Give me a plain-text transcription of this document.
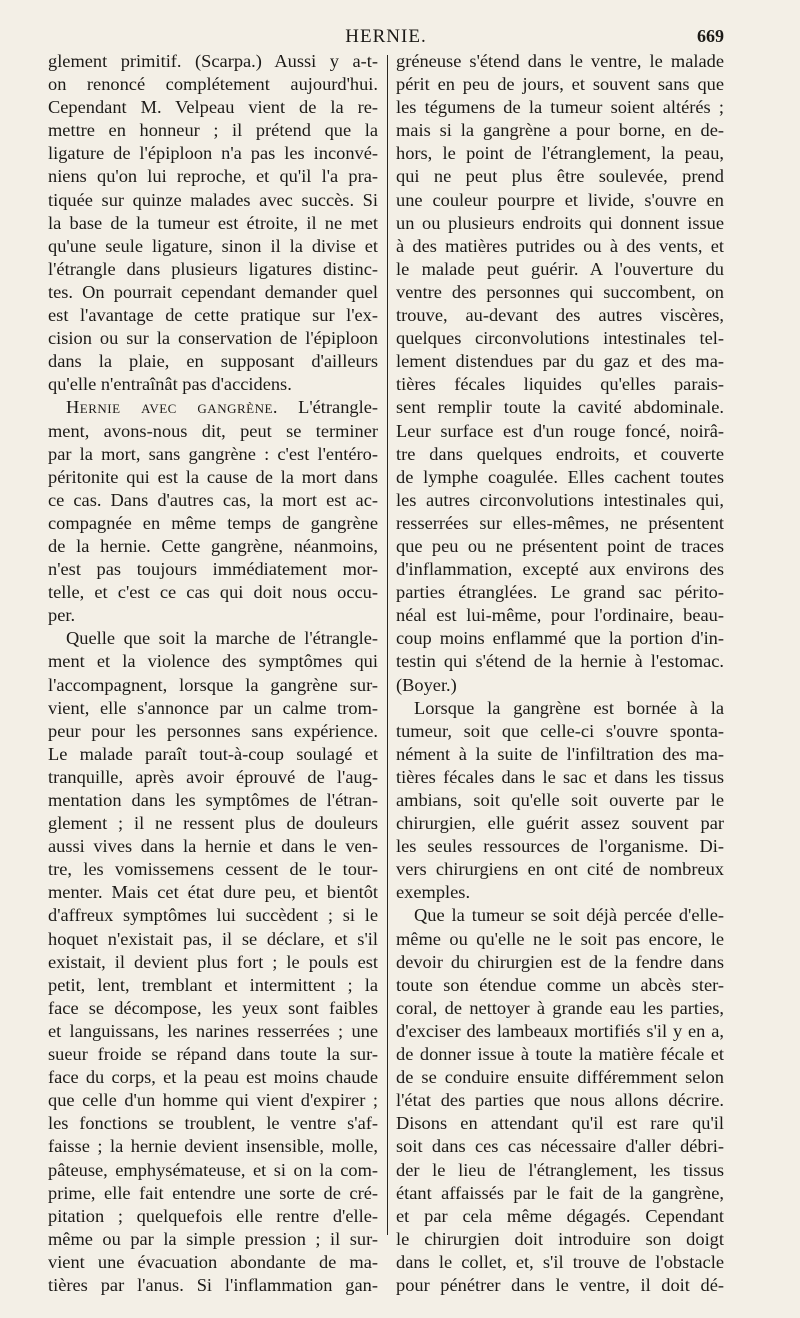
HERNIE.	669
glement primitif. (Scarpa.) Aussi y a-t-
on renoncé complétement aujourd'hui.
Cependant M. Velpeau vient de la re-
mettre en honneur ; il prétend que la
ligature de l'épiploon n'a pas les inconvé-
niens qu'on lui reproche, et qu'il l'a pra-
tiquée sur quinze malades avec succès. Si
la base de la tumeur est étroite, il ne met
qu'une seule ligature, sinon il la divise et
l'étrangle dans plusieurs ligatures distinc-
tes. On pourrait cependant demander quel
est l'avantage de cette pratique sur l'ex-
cision ou sur la conservation de l'épiploon
dans la plaie, en supposant d'ailleurs
qu'elle n'entraînât pas d'accidens.
Hernie avec gangrène. L'étrangle-
ment, avons-nous dit, peut se terminer
par la mort, sans gangrène : c'est l'entéro-
péritonite qui est la cause de la mort dans
ce cas. Dans d'autres cas, la mort est ac-
compagnée en même temps de gangrène
de la hernie. Cette gangrène, néanmoins,
n'est pas toujours immédiatement mor-
telle, et c'est ce cas qui doit nous occu-
per.
Quelle que soit la marche de l'étrangle-
ment et la violence des symptômes qui
l'accompagnent, lorsque la gangrène sur-
vient, elle s'annonce par un calme trom-
peur pour les personnes sans expérience.
Le malade paraît tout-à-coup soulagé et
tranquille, après avoir éprouvé de l'aug-
mentation dans les symptômes de l'étran-
glement ; il ne ressent plus de douleurs
aussi vives dans la hernie et dans le ven-
tre, les vomissemens cessent de le tour-
menter. Mais cet état dure peu, et bientôt
d'affreux symptômes lui succèdent ; si le
hoquet n'existait pas, il se déclare, et s'il
existait, il devient plus fort ; le pouls est
petit, lent, tremblant et intermittent ; la
face se décompose, les yeux sont faibles
et languissans, les narines resserrées ; une
sueur froide se répand dans toute la sur-
face du corps, et la peau est moins chaude
que celle d'un homme qui vient d'expirer ;
les fonctions se troublent, le ventre s'af-
faisse ; la hernie devient insensible, molle,
pâteuse, emphysémateuse, et si on la com-
prime, elle fait entendre une sorte de cré-
pitation ; quelquefois elle rentre d'elle-
même ou par la simple pression ; il sur-
vient une évacuation abondante de ma-
tières par l'anus. Si l'inflammation gan-
gréneuse s'étend dans le ventre, le malade
périt en peu de jours, et souvent sans que
les tégumens de la tumeur soient altérés ;
mais si la gangrène a pour borne, en de-
hors, le point de l'étranglement, la peau,
qui ne peut plus être soulevée, prend
une couleur pourpre et livide, s'ouvre en
un ou plusieurs endroits qui donnent issue
à des matières putrides ou à des vents, et
le malade peut guérir. A l'ouverture du
ventre des personnes qui succombent, on
trouve, au-devant des autres viscères,
quelques circonvolutions intestinales tel-
lement distendues par du gaz et des ma-
tières fécales liquides qu'elles parais-
sent remplir toute la cavité abdominale.
Leur surface est d'un rouge foncé, noirâ-
tre dans quelques endroits, et couverte
de lymphe coagulée. Elles cachent toutes
les autres circonvolutions intestinales qui,
resserrées sur elles-mêmes, ne présentent
que peu ou ne présentent point de traces
d'inflammation, excepté aux environs des
parties étranglées. Le grand sac périto-
néal est lui-même, pour l'ordinaire, beau-
coup moins enflammé que la portion d'in-
testin qui s'étend de la hernie à l'estomac.
(Boyer.)
Lorsque la gangrène est bornée à la
tumeur, soit que celle-ci s'ouvre sponta-
nément à la suite de l'infiltration des ma-
tières fécales dans le sac et dans les tissus
ambians, soit qu'elle soit ouverte par le
chirurgien, elle guérit assez souvent par
les seules ressources de l'organisme. Di-
vers chirurgiens en ont cité de nombreux
exemples.
Que la tumeur se soit déjà percée d'elle-
même ou qu'elle ne le soit pas encore, le
devoir du chirurgien est de la fendre dans
toute son étendue comme un abcès ster-
coral, de nettoyer à grande eau les parties,
d'exciser des lambeaux mortifiés s'il y en a,
de donner issue à toute la matière fécale et
de se conduire ensuite différemment selon
l'état des parties que nous allons décrire.
Disons en attendant qu'il est rare qu'il
soit dans ces cas nécessaire d'aller débri-
der le lieu de l'étranglement, les tissus
étant affaissés par le fait de la gangrène,
et par cela même dégagés. Cependant
le chirurgien doit introduire son doigt
dans le collet, et, s'il trouve de l'obstacle
pour pénétrer dans le ventre, il doit dé-
